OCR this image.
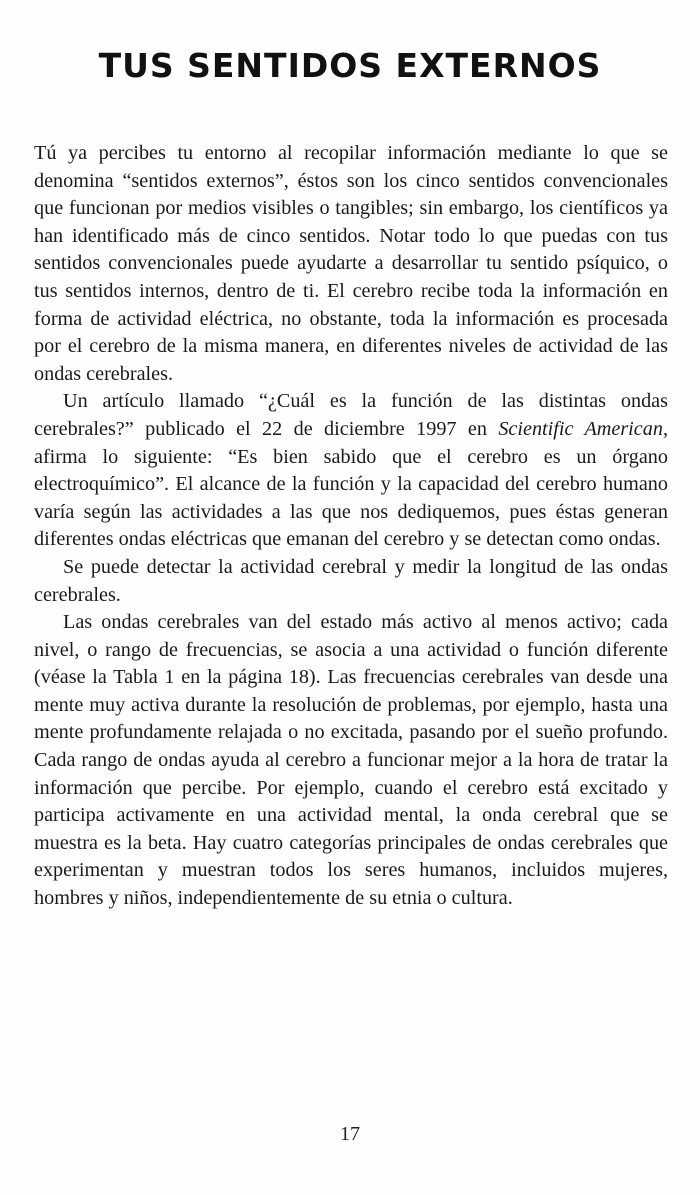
TUS SENTIDOS EXTERNOS

Tú ya percibes tu entorno al recopilar información mediante lo que se denomina “sentidos externos”, éstos son los cinco sentidos convencionales que funcionan por medios visibles o tangibles; sin embargo, los científicos ya han identificado más de cinco sentidos. Notar todo lo que puedas con tus sentidos convencionales puede ayudarte a desarrollar tu sentido psíquico, o tus sentidos internos, dentro de ti. El cerebro recibe toda la información en forma de actividad eléctrica, no obstante, toda la información es procesada por el cerebro de la misma manera, en diferentes niveles de actividad de las ondas cerebrales.

Un artículo llamado “¿Cuál es la función de las distintas ondas cerebrales?” publicado el 22 de diciembre 1997 en Scientific American, afirma lo siguiente: “Es bien sabido que el cerebro es un órgano electroquímico”. El alcance de la función y la capacidad del cerebro humano varía según las actividades a las que nos dediquemos, pues éstas generan diferentes ondas eléctricas que emanan del cerebro y se detectan como ondas.

Se puede detectar la actividad cerebral y medir la longitud de las ondas cerebrales.

Las ondas cerebrales van del estado más activo al menos activo; cada nivel, o rango de frecuencias, se asocia a una actividad o función diferente (véase la Tabla 1 en la página 18). Las frecuencias cerebrales van desde una mente muy activa durante la resolución de problemas, por ejemplo, hasta una mente profundamente relajada o no excitada, pasando por el sueño profundo. Cada rango de ondas ayuda al cerebro a funcionar mejor a la hora de tratar la información que percibe. Por ejemplo, cuando el cerebro está excitado y participa activamente en una actividad mental, la onda cerebral que se muestra es la beta. Hay cuatro categorías principales de ondas cerebrales que experimentan y muestran todos los seres humanos, incluidos mujeres, hombres y niños, independientemente de su etnia o cultura.

17
